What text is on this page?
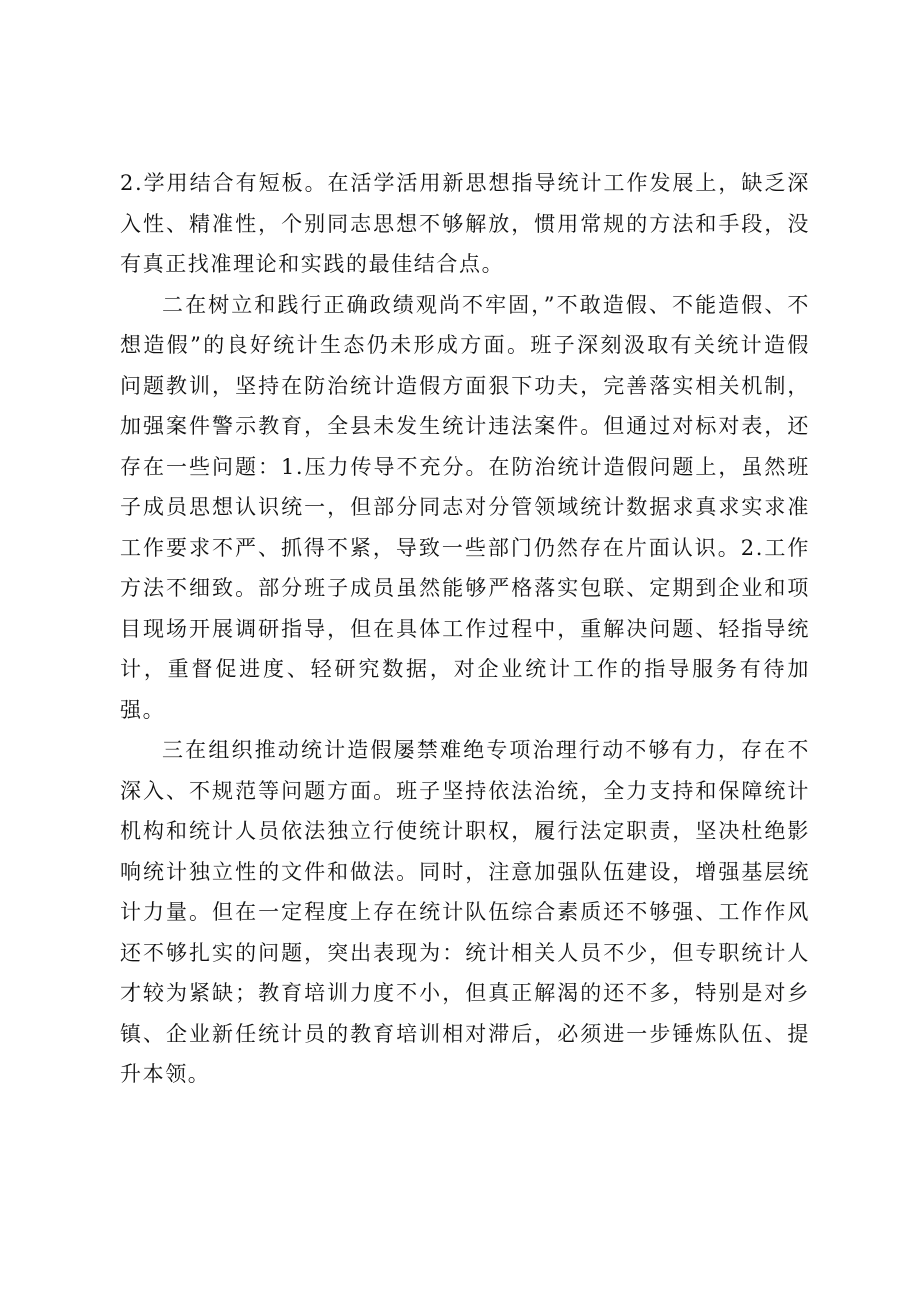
2.学用结合有短板。在活学活用新思想指导统计工作发展上，缺乏深入性、精准性，个别同志思想不够解放，惯用常规的方法和手段，没有真正找准理论和实践的最佳结合点。

二在树立和践行正确政绩观尚不牢固，”不敢造假、不能造假、不想造假”的良好统计生态仍未形成方面。班子深刻汲取有关统计造假问题教训，坚持在防治统计造假方面狠下功夫，完善落实相关机制，加强案件警示教育，全县未发生统计违法案件。但通过对标对表，还存在一些问题：1.压力传导不充分。在防治统计造假问题上，虽然班子成员思想认识统一，但部分同志对分管领域统计数据求真求实求准工作要求不严、抓得不紧，导致一些部门仍然存在片面认识。2.工作方法不细致。部分班子成员虽然能够严格落实包联、定期到企业和项目现场开展调研指导，但在具体工作过程中，重解决问题、轻指导统计，重督促进度、轻研究数据，对企业统计工作的指导服务有待加强。

三在组织推动统计造假屡禁难绝专项治理行动不够有力，存在不深入、不规范等问题方面。班子坚持依法治统，全力支持和保障统计机构和统计人员依法独立行使统计职权，履行法定职责，坚决杜绝影响统计独立性的文件和做法。同时，注意加强队伍建设，增强基层统计力量。但在一定程度上存在统计队伍综合素质还不够强、工作作风还不够扎实的问题，突出表现为：统计相关人员不少，但专职统计人才较为紧缺；教育培训力度不小，但真正解渴的还不多，特别是对乡镇、企业新任统计员的教育培训相对滞后，必须进一步锤炼队伍、提升本领。
